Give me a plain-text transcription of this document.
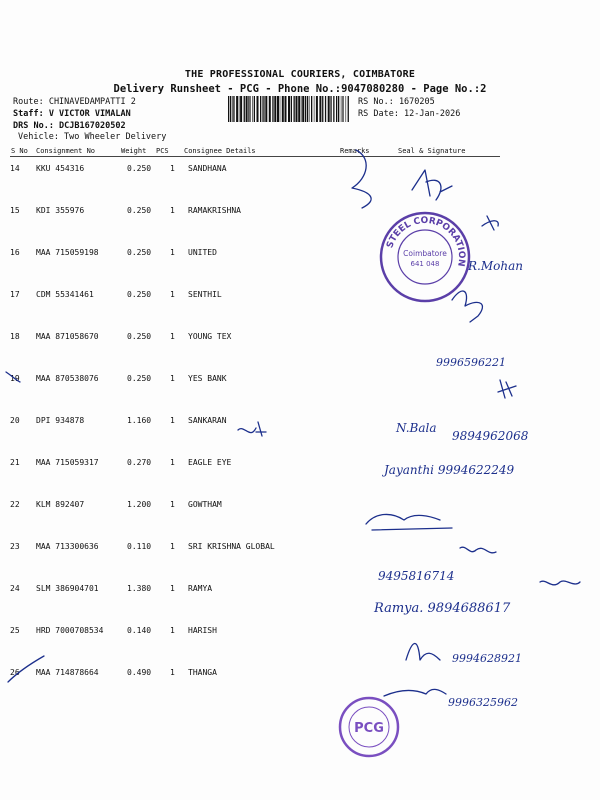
THE PROFESSIONAL COURIERS, COIMBATORE
Delivery Runsheet - PCG - Phone No.:9047080280 - Page No.:2
Route: CHINAVEDAMPATTI 2
Staff: V VICTOR VIMALAN
DRS No.: DCJB167020502
Vehicle: Two Wheeler Delivery
RS No.: 1670205
RS Date: 12-Jan-2026
S No Consignment No	Weight PCS Consignee Details	Remarks	Seal & Signature
14 KKU 454316	0.250 1 SANDHANA
15 KDI 355976	0.250 1 RAMAKRISHNA
16 MAA 715059198	0.250 1 UNITED
17 CDM 55341461	0.250 1 SENTHIL
18 MAA 871058670	0.250 1 YOUNG TEX
19 MAA 870538076	0.250 1 YES BANK
20 DPI 934878	1.160 1 SANKARAN
21 MAA 715059317	0.270 1 EAGLE EYE
22 KLM 892407	1.200 1 GOWTHAM
23 MAA 713300636	0.110 1 SRI KRISHNA GLOBAL
24 SLM 386904701	1.380 1 RAMYA
25 HRD 7000708534	0.140 1 HARISH
26 MAA 714878664	0.490 1 THANGA
R.Mohan
9996596221
N.Bala
9894962068
Jayanthi 9994622249
9495816714
Ramya. 9894688617
9994628921
9996325962
STEEL CORPORATION
Coimbatore
641 048
PCG
